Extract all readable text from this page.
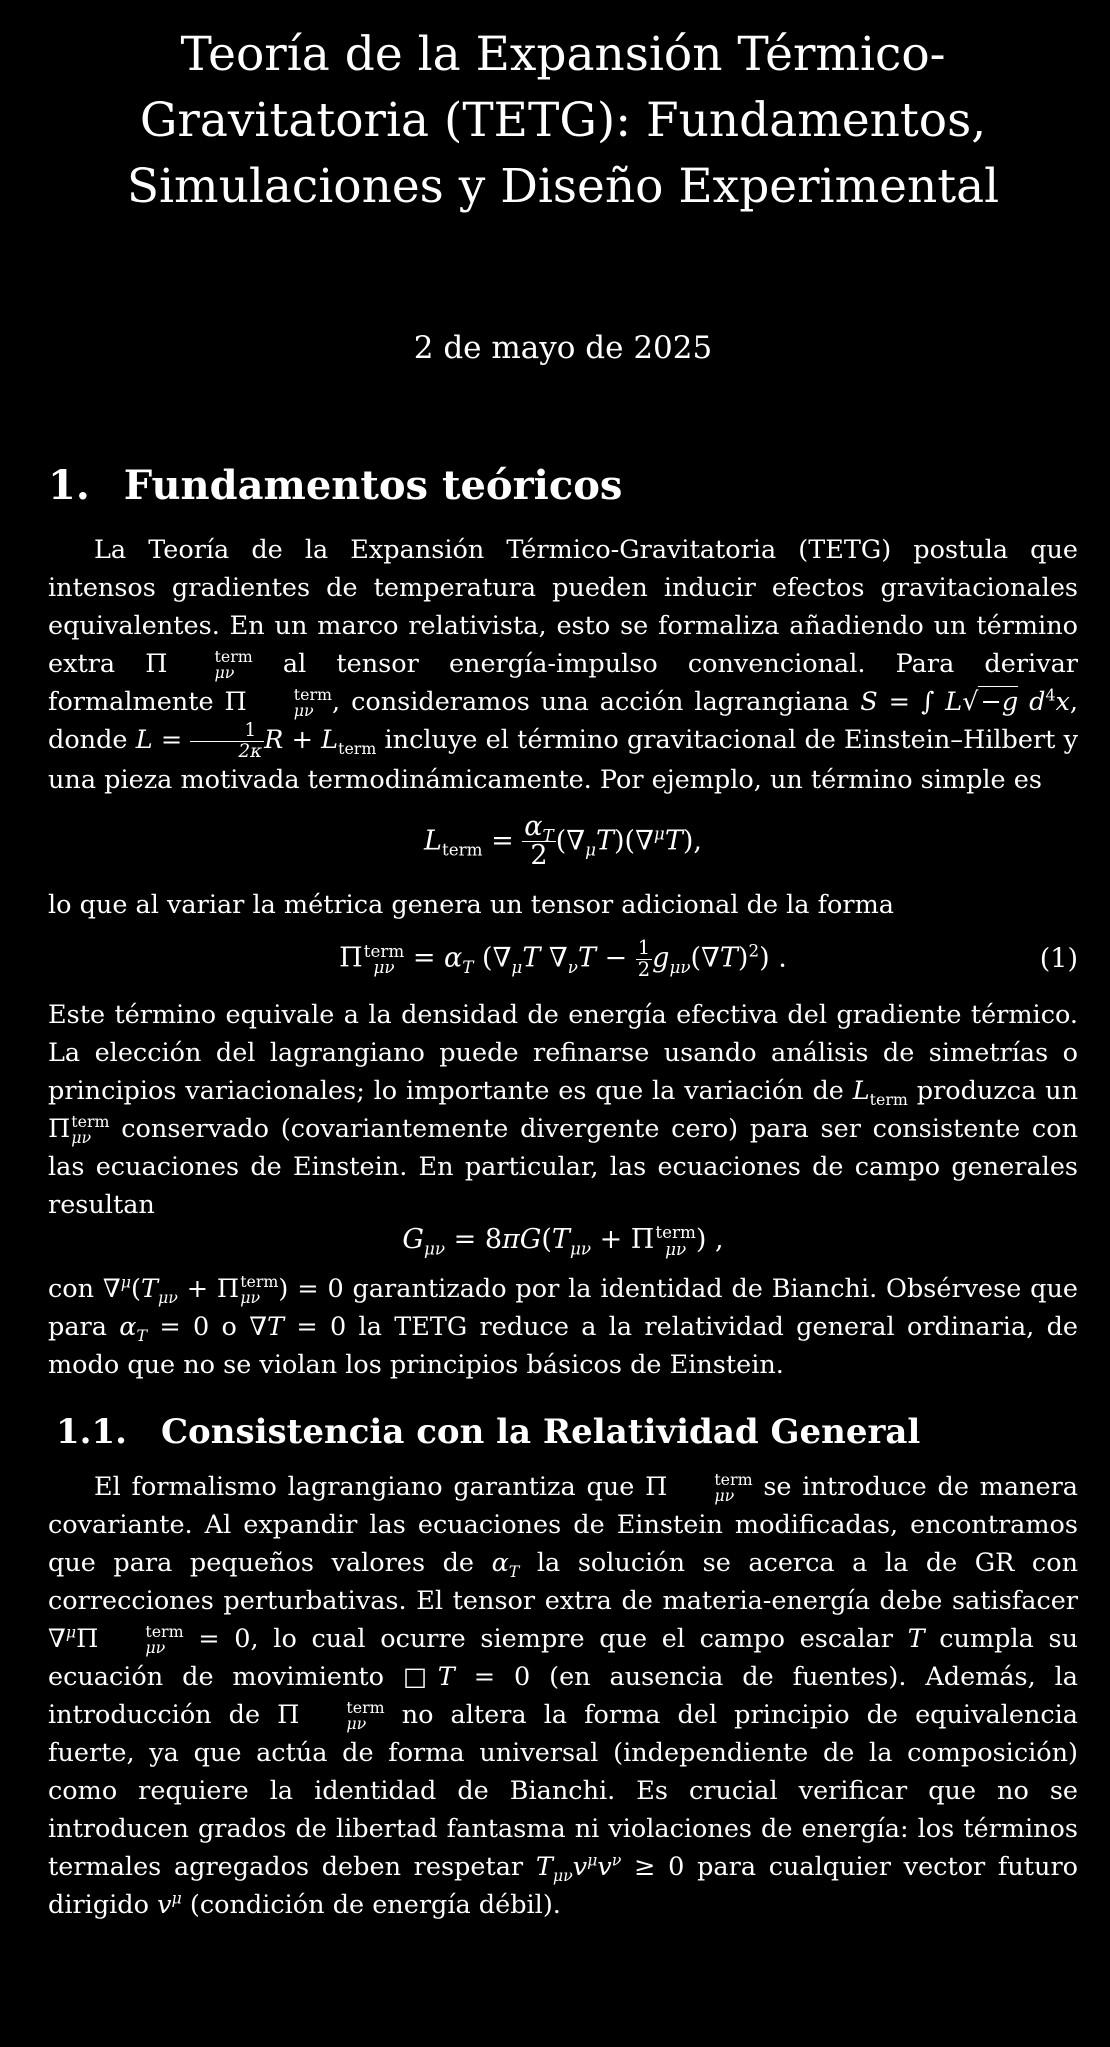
Teoría de la Expansión Térmico-Gravitatoria (TETG): Fundamentos, Simulaciones y Diseño Experimental
2 de mayo de 2025
1. Fundamentos teóricos

La Teoría de la Expansión Térmico-Gravitatoria (TETG) postula que intensos gradientes de temperatura pueden inducir efectos gravitacionales equivalentes. En un marco relativista, esto se formaliza añadiendo un término extra Π	term
μν al tensor energía-impulso convencional. Para derivar formalmente Π	term
μν , consideramos una acción lagrangiana S = ∫ L√−g $d^4x$, donde $L = \frac{1}{2\kappa}$ $R + L_{term}$ incluye el término gravitacional de Einstein–Hilbert y una pieza motivada termodinámicamente. Por ejemplo, un término simple es

$L_{term} = \frac{\alpha_T}{2} (\nabla_\mu T)(\nabla^\mu T)$,

lo que al variar la métrica genera un tensor adicional de la forma

Π term
$\mu\nu = \alpha_T$ ($\nabla_\mu T$ $\nabla_\nu T - \frac{1}{2} g_{\mu\nu}(\nabla T)^2$) .	(1)

Este término equivale a la densidad de energía efectiva del gradiente térmico. La elección del lagrangiano puede refinarse usando análisis de simetrías o principios variacionales; lo importante es que la variación de $L_{term}$ produzca un Π term
μν conservado (covariantemente divergente cero) para ser consistente con las ecuaciones de Einstein. En particular, las ecuaciones de campo generales resultan

$G_{\mu\nu} = 8\pi G(T_{\mu\nu} + \Pi$ term
μν ) ,

con $\nabla^\mu(T_{\mu\nu} + \Pi$ term
μν ) = 0 garantizado por la identidad de Bianchi. Obsérvese que para $\alpha_T = 0$ o ∇T = 0 la TETG reduce a la relatividad general ordinaria, de modo que no se violan los principios básicos de Einstein.

1.1. Consistencia con la Relatividad General

El formalismo lagrangiano garantiza que Π	term
μν se introduce de manera covariante. Al expandir las ecuaciones de Einstein modificadas, encontramos que para pequeños valores de $\alpha_T$ la solución se acerca a la de GR con correcciones perturbativas. El tensor extra de materia-energía debe satisfacer ∇$^\mu$Π	term
μν	= 0, lo cual ocurre siempre que el campo escalar T cumpla su ecuación de movimiento □T = 0 (en ausencia de fuentes). Además, la introducción de Π	term
μν no altera la forma del principio de equivalencia fuerte, ya que actúa de forma universal (independiente de la composición) como requiere la identidad de Bianchi. Es crucial verificar que no se introducen grados de libertad fantasma ni violaciones de energía: los términos termales agregados deben respetar $T_{\mu\nu}v^\mu v^\nu \ge 0$ para cualquier vector futuro dirigido $v^\mu$ (condición de energía débil).
